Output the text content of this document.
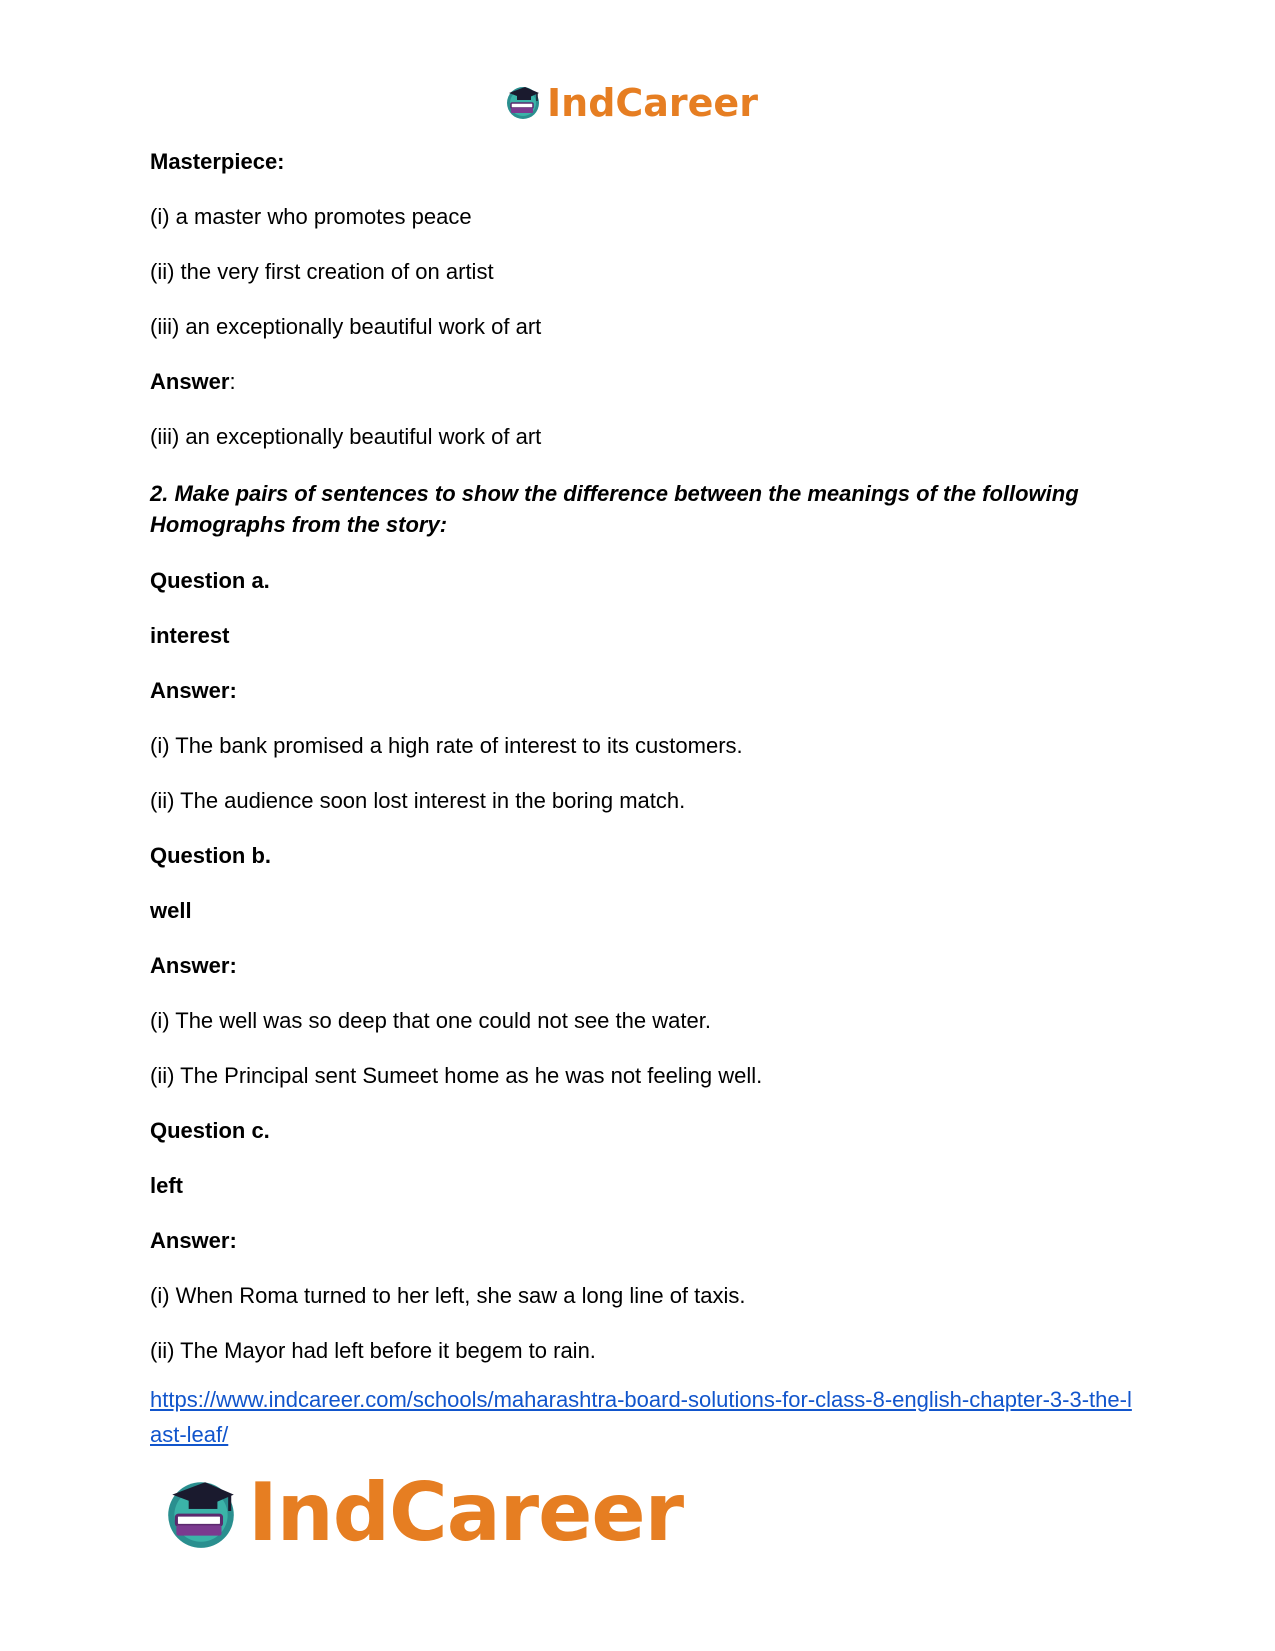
IndCareer
Masterpiece:
(i) a master who promotes peace
(ii) the very first creation of on artist
(iii) an exceptionally beautiful work of art
Answer:
(iii) an exceptionally beautiful work of art
2. Make pairs of sentences to show the difference between the meanings of the following Homographs from the story:
Question a.
interest
Answer:
(i) The bank promised a high rate of interest to its customers.
(ii) The audience soon lost interest in the boring match.
Question b.
well
Answer:
(i) The well was so deep that one could not see the water.
(ii) The Principal sent Sumeet home as he was not feeling well.
Question c.
left
Answer:
(i) When Roma turned to her left, she saw a long line of taxis.
(ii) The Mayor had left before it begem to rain.
https://www.indcareer.com/schools/maharashtra-board-solutions-for-class-8-english-chapter-3-3-the-last-leaf/
IndCareer
